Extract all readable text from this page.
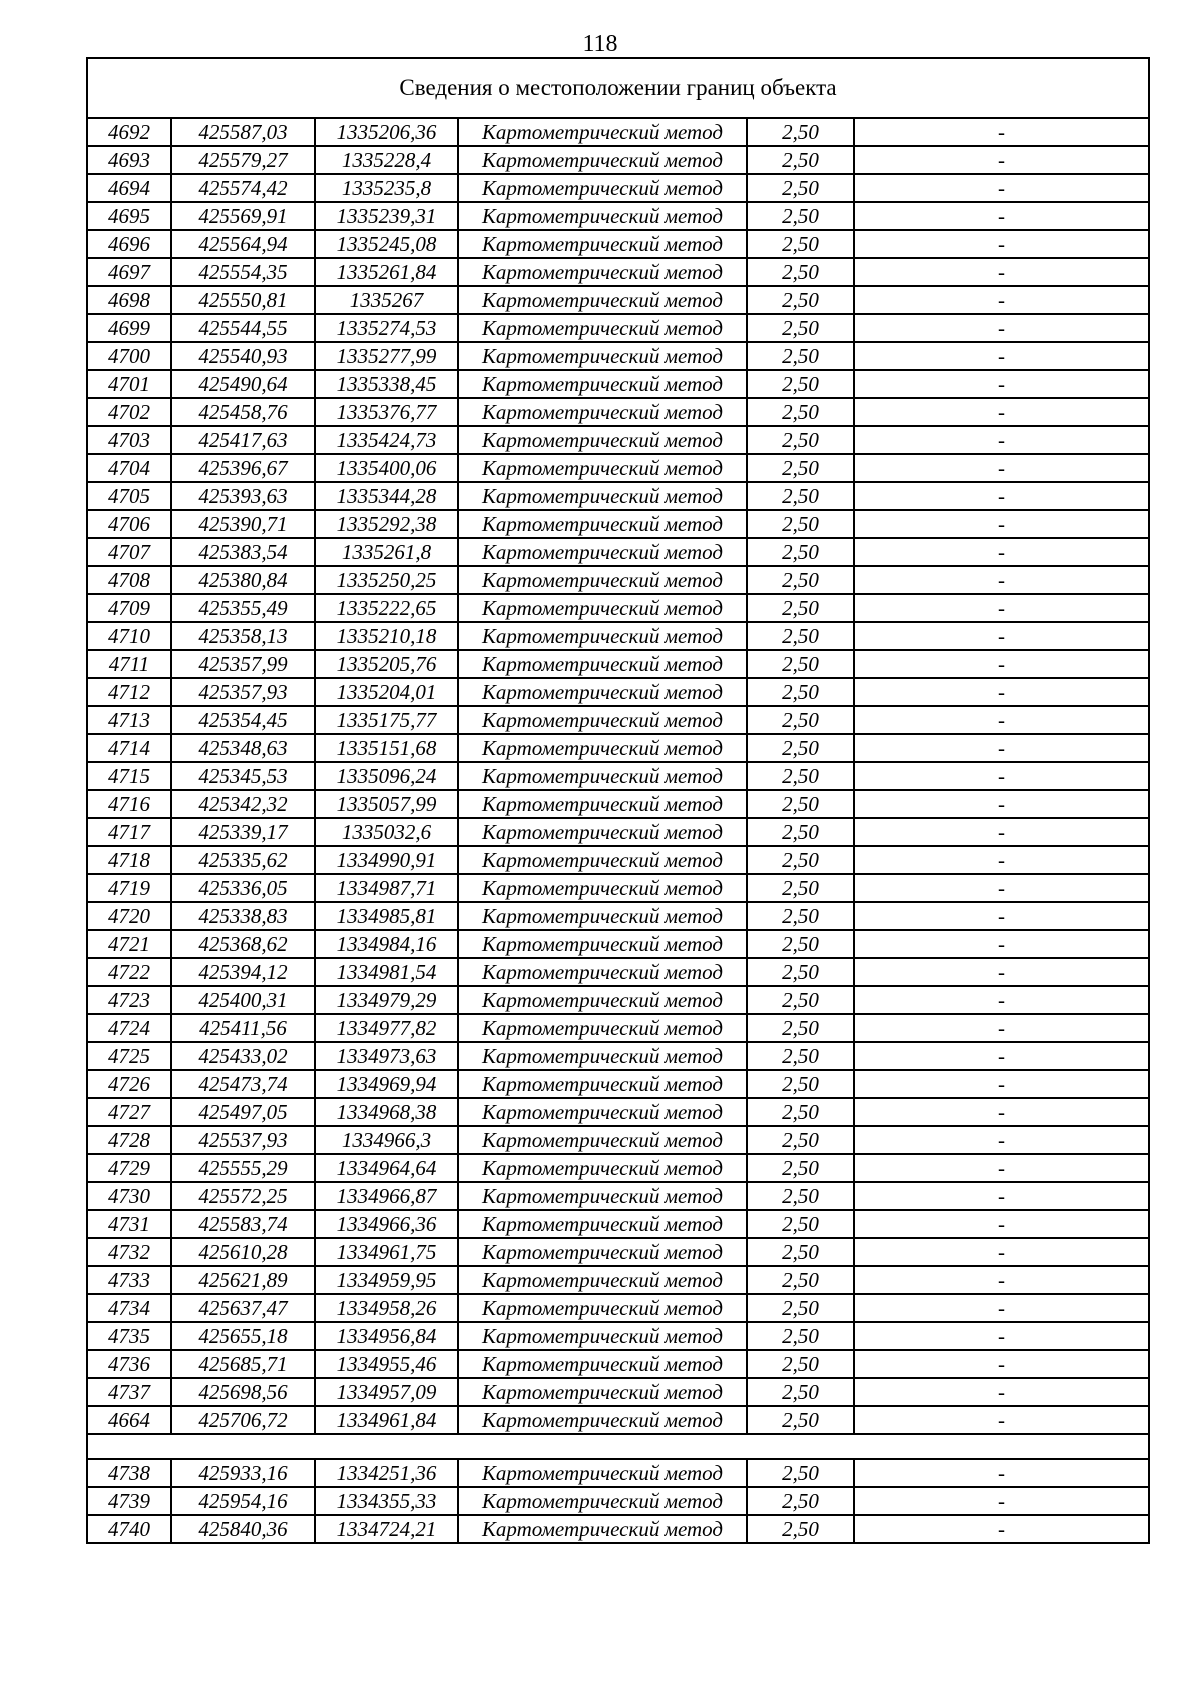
118
Сведения о местоположении границ объекта					
4692	425587,03	1335206,36	Картометрический метод	2,50	-
4693	425579,27	1335228,4	Картометрический метод	2,50	-
4694	425574,42	1335235,8	Картометрический метод	2,50	-
4695	425569,91	1335239,31	Картометрический метод	2,50	-
4696	425564,94	1335245,08	Картометрический метод	2,50	-
4697	425554,35	1335261,84	Картометрический метод	2,50	-
4698	425550,81	1335267	Картометрический метод	2,50	-
4699	425544,55	1335274,53	Картометрический метод	2,50	-
4700	425540,93	1335277,99	Картометрический метод	2,50	-
4701	425490,64	1335338,45	Картометрический метод	2,50	-
4702	425458,76	1335376,77	Картометрический метод	2,50	-
4703	425417,63	1335424,73	Картометрический метод	2,50	-
4704	425396,67	1335400,06	Картометрический метод	2,50	-
4705	425393,63	1335344,28	Картометрический метод	2,50	-
4706	425390,71	1335292,38	Картометрический метод	2,50	-
4707	425383,54	1335261,8	Картометрический метод	2,50	-
4708	425380,84	1335250,25	Картометрический метод	2,50	-
4709	425355,49	1335222,65	Картометрический метод	2,50	-
4710	425358,13	1335210,18	Картометрический метод	2,50	-
4711	425357,99	1335205,76	Картометрический метод	2,50	-
4712	425357,93	1335204,01	Картометрический метод	2,50	-
4713	425354,45	1335175,77	Картометрический метод	2,50	-
4714	425348,63	1335151,68	Картометрический метод	2,50	-
4715	425345,53	1335096,24	Картометрический метод	2,50	-
4716	425342,32	1335057,99	Картометрический метод	2,50	-
4717	425339,17	1335032,6	Картометрический метод	2,50	-
4718	425335,62	1334990,91	Картометрический метод	2,50	-
4719	425336,05	1334987,71	Картометрический метод	2,50	-
4720	425338,83	1334985,81	Картометрический метод	2,50	-
4721	425368,62	1334984,16	Картометрический метод	2,50	-
4722	425394,12	1334981,54	Картометрический метод	2,50	-
4723	425400,31	1334979,29	Картометрический метод	2,50	-
4724	425411,56	1334977,82	Картометрический метод	2,50	-
4725	425433,02	1334973,63	Картометрический метод	2,50	-
4726	425473,74	1334969,94	Картометрический метод	2,50	-
4727	425497,05	1334968,38	Картометрический метод	2,50	-
4728	425537,93	1334966,3	Картометрический метод	2,50	-
4729	425555,29	1334964,64	Картометрический метод	2,50	-
4730	425572,25	1334966,87	Картометрический метод	2,50	-
4731	425583,74	1334966,36	Картометрический метод	2,50	-
4732	425610,28	1334961,75	Картометрический метод	2,50	-
4733	425621,89	1334959,95	Картометрический метод	2,50	-
4734	425637,47	1334958,26	Картометрический метод	2,50	-
4735	425655,18	1334956,84	Картометрический метод	2,50	-
4736	425685,71	1334955,46	Картометрический метод	2,50	-
4737	425698,56	1334957,09	Картометрический метод	2,50	-
4664	425706,72	1334961,84	Картометрический метод	2,50	-

4738	425933,16	1334251,36	Картометрический метод	2,50	-
4739	425954,16	1334355,33	Картометрический метод	2,50	-
4740	425840,36	1334724,21	Картометрический метод	2,50	-
